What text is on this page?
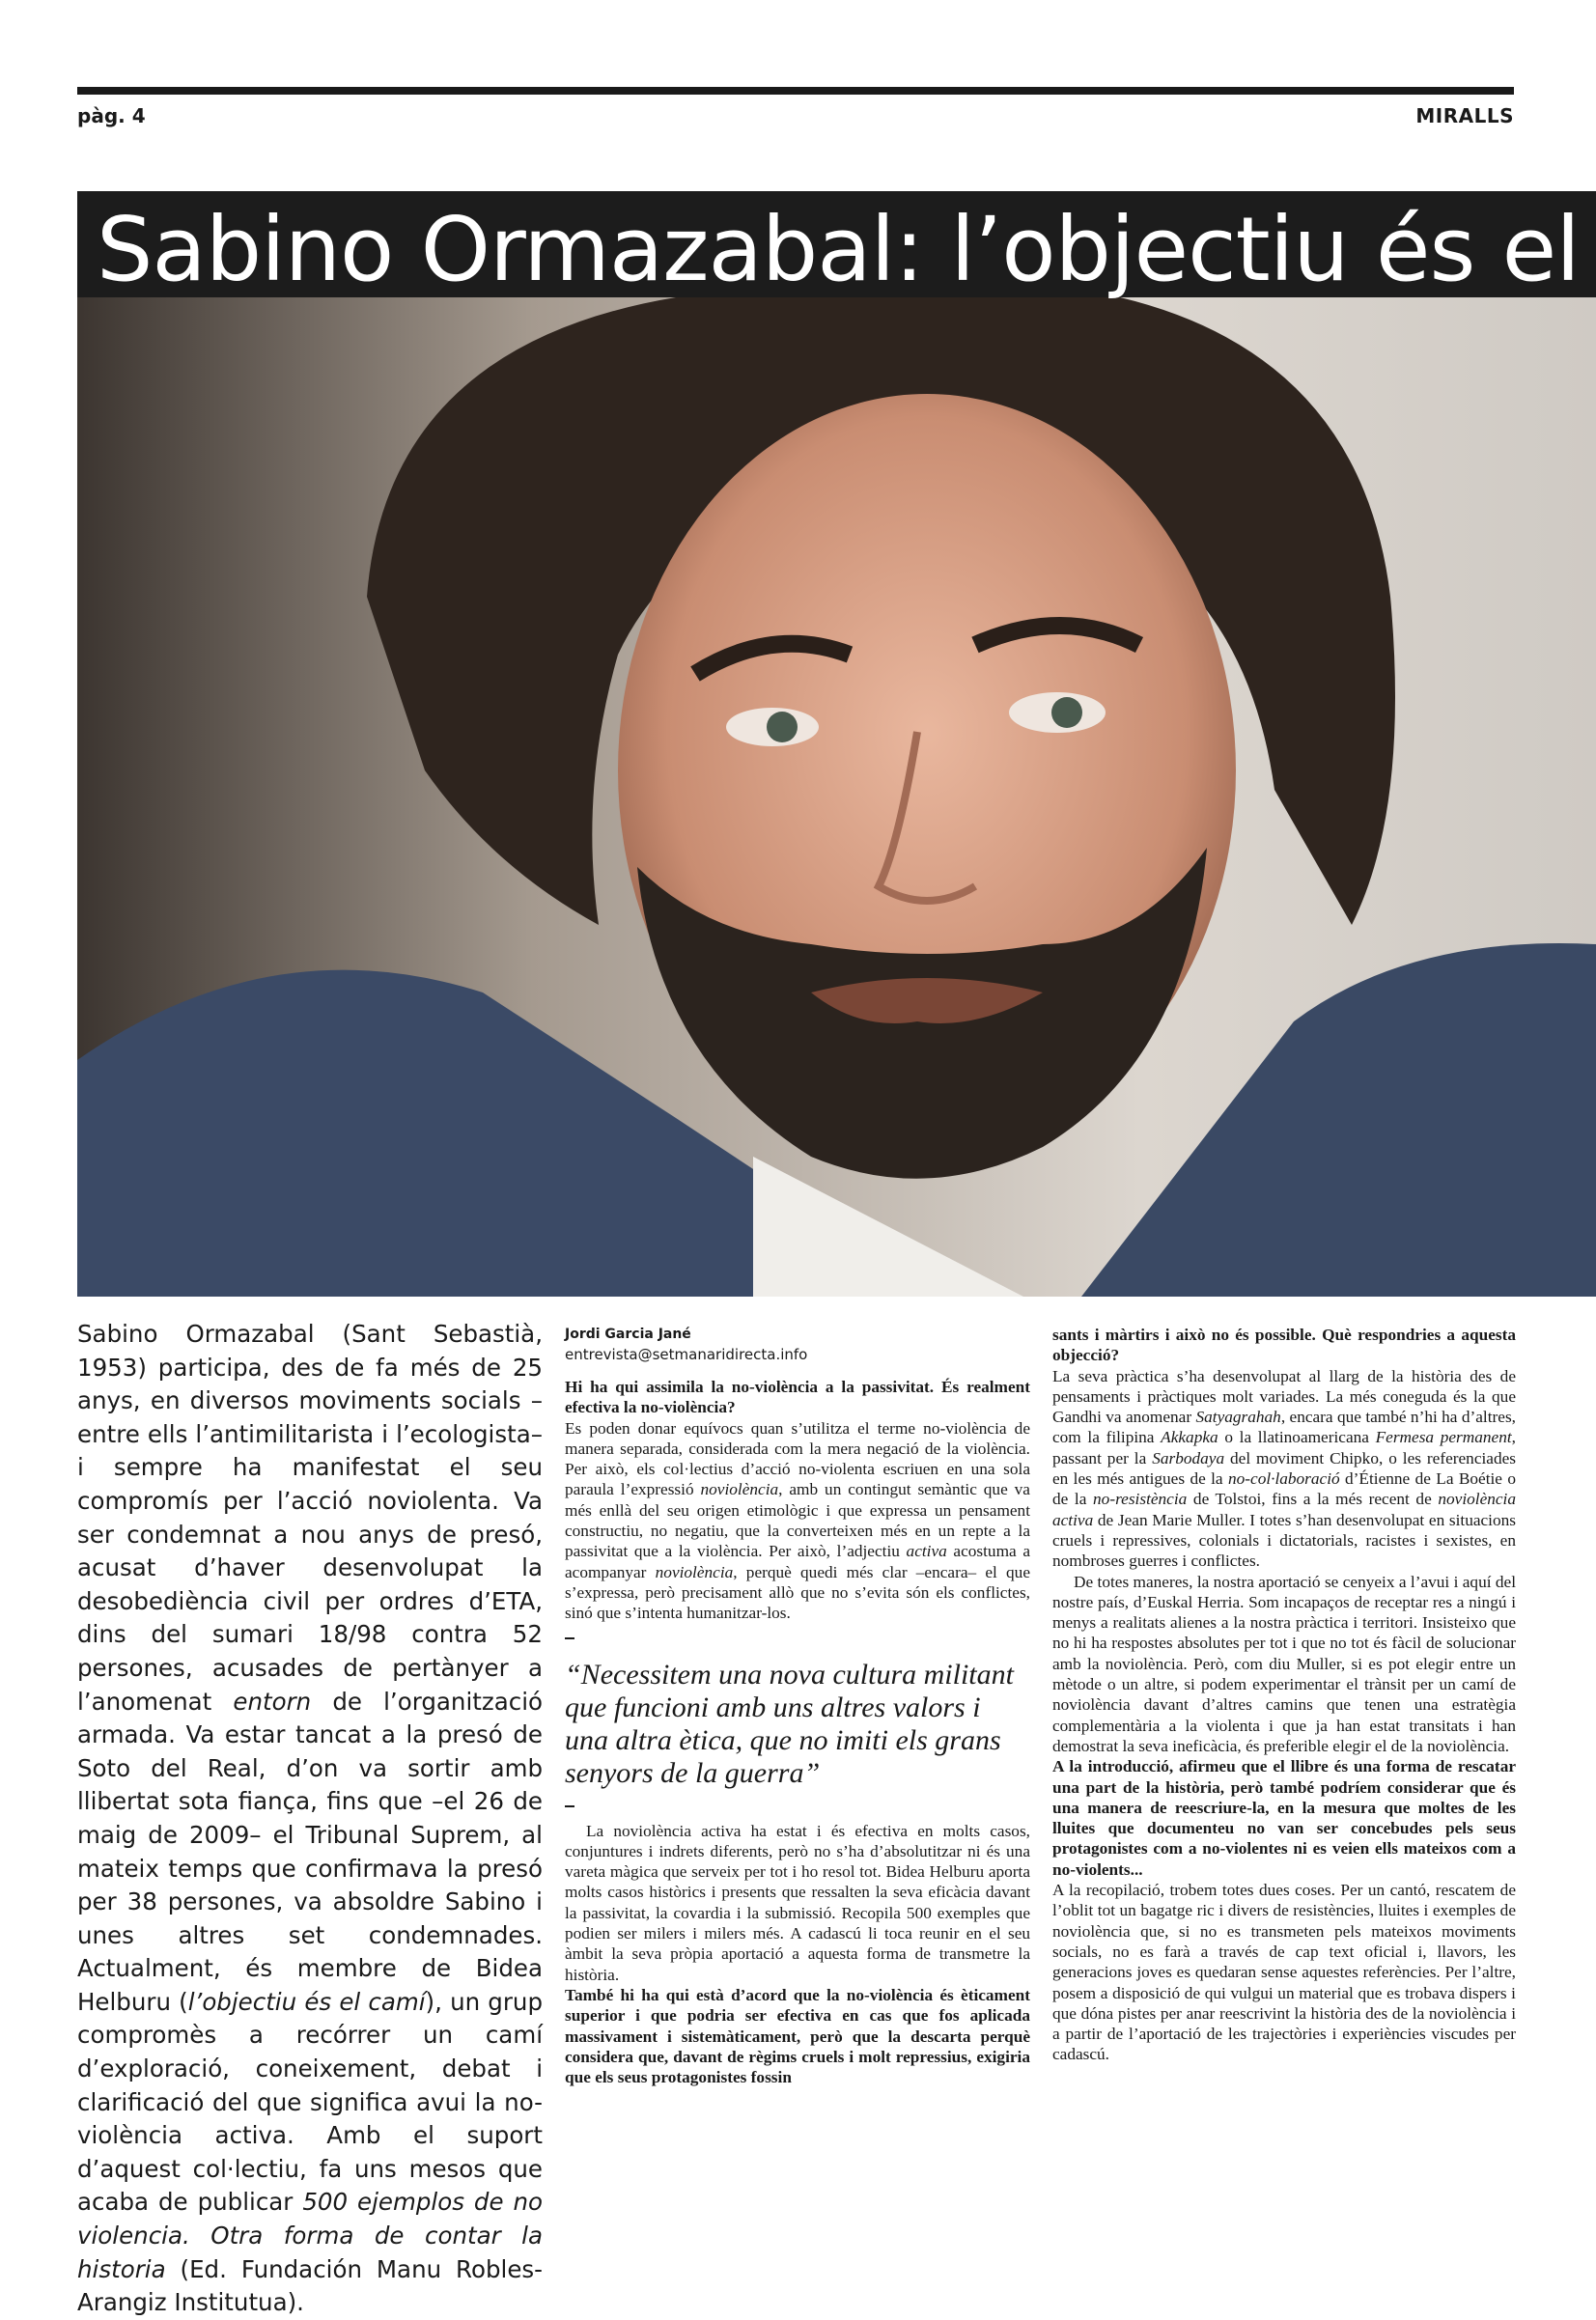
pàg. 4	MIRALLS
Sabino Ormazabal: l’objectiu és el
Sabino Ormazabal (Sant Sebastià, 1953) participa, des de fa més de 25 anys, en diversos moviments socials –entre ells l’antimilitarista i l’ecologista– i sempre ha manifestat el seu compromís per l’acció noviolenta. Va ser condemnat a nou anys de presó, acusat d’haver desenvolupat la desobediència civil per ordres d’ETA, dins del sumari 18/98 contra 52 persones, acusades de pertànyer a l’anomenat entorn de l’organització armada. Va estar tancat a la presó de Soto del Real, d’on va sortir amb llibertat sota fiança, fins que –el 26 de maig de 2009– el Tribunal Suprem, al mateix temps que confirmava la presó per 38 persones, va absoldre Sabino i unes altres set condemnades. Actualment, és membre de Bidea Helburu (l’objectiu és el camí), un grup compromès a recórrer un camí d’exploració, coneixement, debat i clarificació del que significa avui la no-violència activa. Amb el suport d’aquest col·lectiu, fa uns mesos que acaba de publicar 500 ejemplos de no violencia. Otra forma de contar la historia (Ed. Fundación Manu Robles-Arangiz Institutua).
Jordi Garcia Jané
entrevista@setmanaridirecta.info

Hi ha qui assimila la no-violència a la passivitat. És realment efectiva la no-violència?

Es poden donar equívocs quan s’utilitza el terme no-violència de manera separada, considerada com la mera negació de la violència. Per això, els col·lectius d’acció no-violenta escriuen en una sola paraula l’expressió noviolència, amb un contingut semàntic que va més enllà del seu origen etimològic i que expressa un pensament constructiu, no negatiu, que la converteixen més en un repte a la passivitat que a la violència. Per això, l’adjectiu activa acostuma a acompanyar noviolència, perquè quedi més clar –encara– el que s’expressa, però precisament allò que no s’evita són els conflictes, sinó que s’intenta humanitzar-los.

“Necessitem una nova cultura militant que funcioni amb uns altres valors i una altra ètica, que no imiti els grans senyors de la guerra”

La noviolència activa ha estat i és efectiva en molts casos, conjuntures i indrets diferents, però no s’ha d’absolutitzar ni és una vareta màgica que serveix per tot i ho resol tot. Bidea Helburu aporta molts casos històrics i presents que ressalten la seva eficàcia davant la passivitat, la covardia i la submissió. Recopila 500 exemples que podien ser milers i milers més. A cadascú li toca reunir en el seu àmbit la seva pròpia aportació a aquesta forma de transmetre la història.

També hi ha qui està d’acord que la no-violència és èticament superior i que podria ser efectiva en cas que fos aplicada massivament i sistemàticament, però que la descarta perquè considera que, davant de règims cruels i molt repressius, exigiria que els seus protagonistes fossin

sants i màrtirs i això no és possible. Què respondries a aquesta objecció?

La seva pràctica s’ha desenvolupat al llarg de la història des de pensaments i pràctiques molt variades. La més coneguda és la que Gandhi va anomenar Satyagrahah, encara que també n’hi ha d’altres, com la filipina Akkapka o la llatinoamericana Fermesa permanent, passant per la Sarbodaya del moviment Chipko, o les referenciades en les més antigues de la no-col·laboració d’Étienne de La Boétie o de la no-resistència de Tolstoi, fins a la més recent de noviolència activa de Jean Marie Muller. I totes s’han desenvolupat en situacions cruels i repressives, colonials i dictatorials, racistes i sexistes, en nombroses guerres i conflictes.

De totes maneres, la nostra aportació se cenyeix a l’avui i aquí del nostre país, d’Euskal Herria. Som incapaços de receptar res a ningú i menys a realitats alienes a la nostra pràctica i territori. Insisteixo que no hi ha respostes absolutes per tot i que no tot és fàcil de solucionar amb la noviolència. Però, com diu Muller, si es pot elegir entre un mètode o un altre, si podem experimentar el trànsit per un camí de noviolència davant d’altres camins que tenen una estratègia complementària a la violenta i que ja han estat transitats i han demostrat la seva ineficàcia, és preferible elegir el de la noviolència.

A la introducció, afirmeu que el llibre és una forma de rescatar una part de la història, però també podríem considerar que és una manera de reescriure-la, en la mesura que moltes de les lluites que documenteu no van ser concebudes pels seus protagonistes com a no-violentes ni es veien ells mateixos com a no-violents...

A la recopilació, trobem totes dues coses. Per un cantó, rescatem de l’oblit tot un bagatge ric i divers de resistències, lluites i exemples de noviolència que, si no es transmeten pels mateixos moviments socials, no es farà a través de cap text oficial i, llavors, les generacions joves es quedaran sense aquestes referències. Per l’altre, posem a disposició de qui vulgui un material que es trobava dispers i que dóna pistes per anar reescrivint la història des de la noviolència i a partir de l’aportació de les trajectòries i experiències viscudes per cadascú.
